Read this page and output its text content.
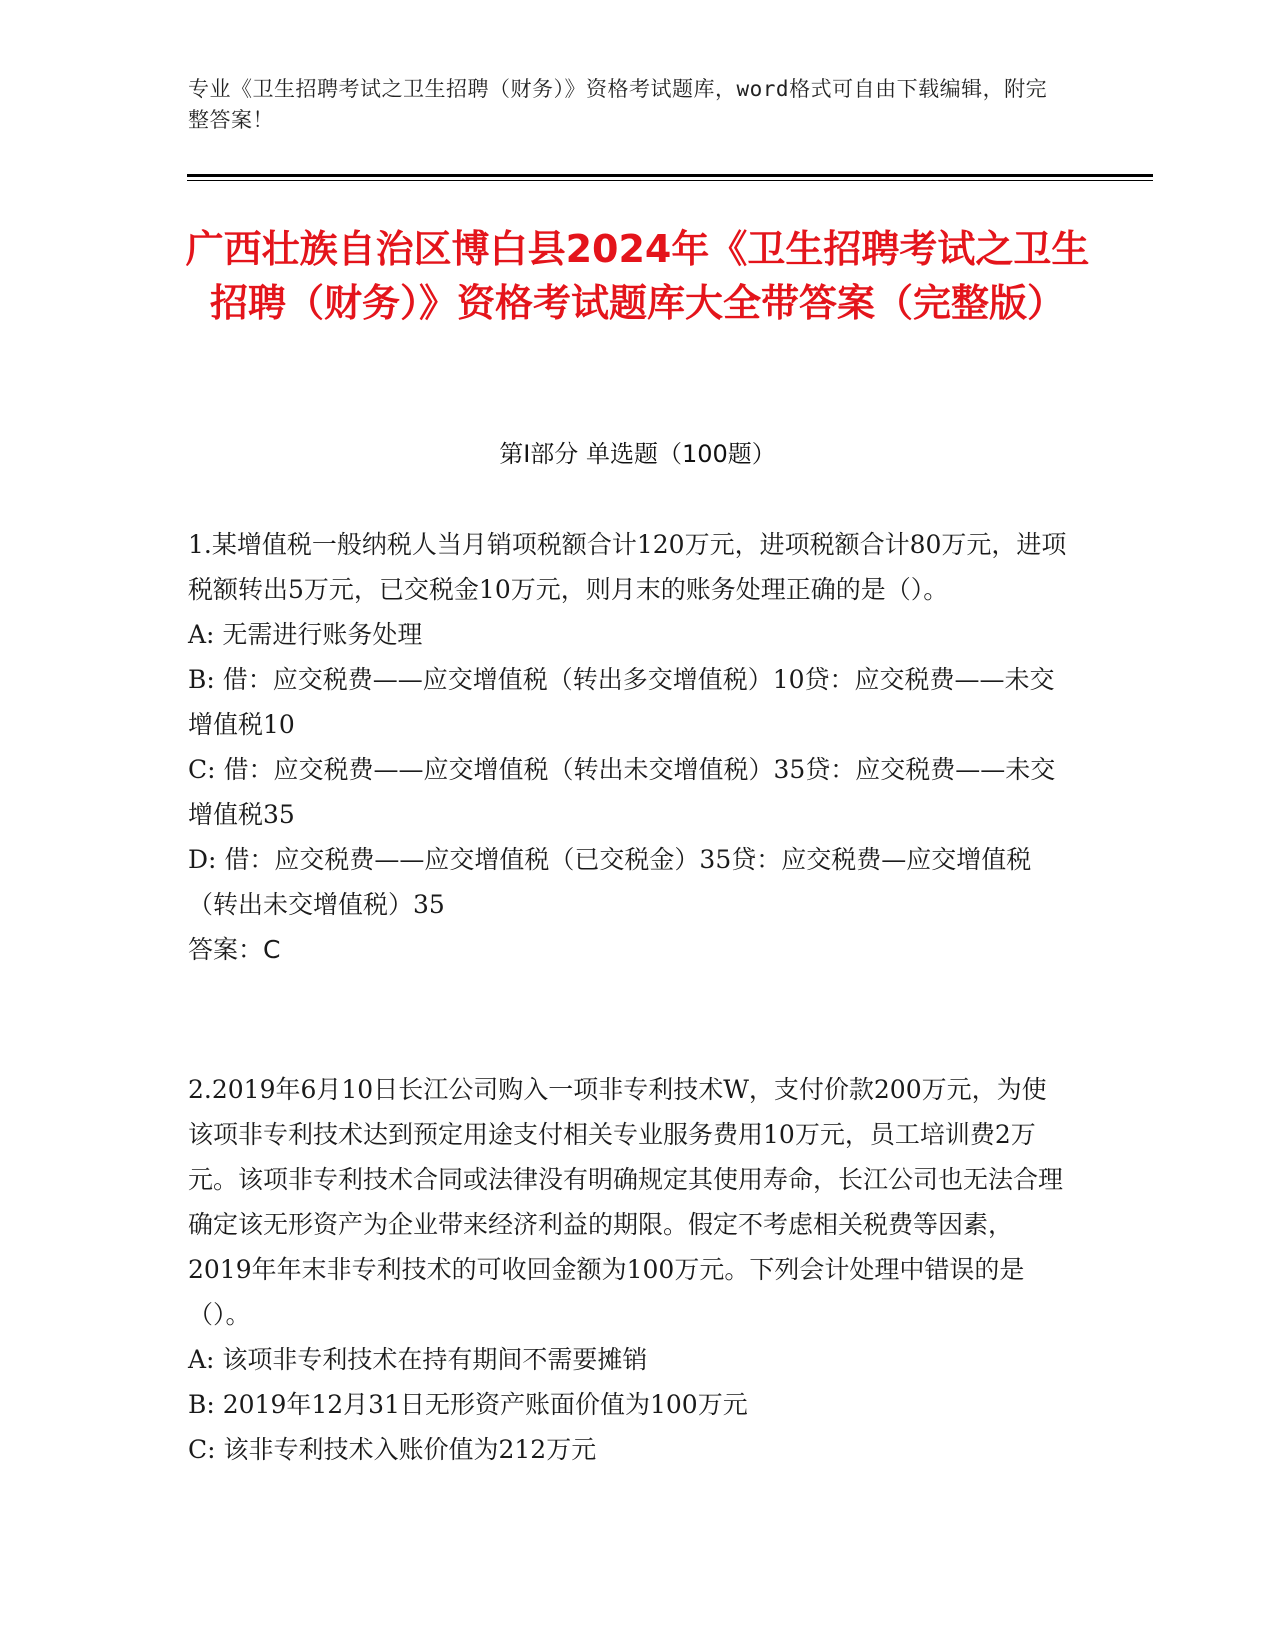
专业《卫生招聘考试之卫生招聘（财务）》资格考试题库，word格式可自由下载编辑，附完整答案！
广西壮族自治区博白县2024年《卫生招聘考试之卫生招聘（财务）》资格考试题库大全带答案（完整版）
第Ⅰ部分 单选题（100题）

1.某增值税一般纳税人当月销项税额合计120万元，进项税额合计80万元，进项税额转出5万元，已交税金10万元，则月末的账务处理正确的是（）。

A: 无需进行账务处理

B: 借：应交税费——应交增值税（转出多交增值税）10贷：应交税费——未交增值税10

C: 借：应交税费——应交增值税（转出未交增值税）35贷：应交税费——未交增值税35

D: 借：应交税费——应交增值税（已交税金）35贷：应交税费—应交增值税（转出未交增值税）35

答案：C

2.2019年6月10日长江公司购入一项非专利技术W，支付价款200万元，为使该项非专利技术达到预定用途支付相关专业服务费用10万元，员工培训费2万元。该项非专利技术合同或法律没有明确规定其使用寿命，长江公司也无法合理确定该无形资产为企业带来经济利益的期限。假定不考虑相关税费等因素，2019年年末非专利技术的可收回金额为100万元。下列会计处理中错误的是（）。

A: 该项非专利技术在持有期间不需要摊销

B: 2019年12月31日无形资产账面价值为100万元

C: 该非专利技术入账价值为212万元
